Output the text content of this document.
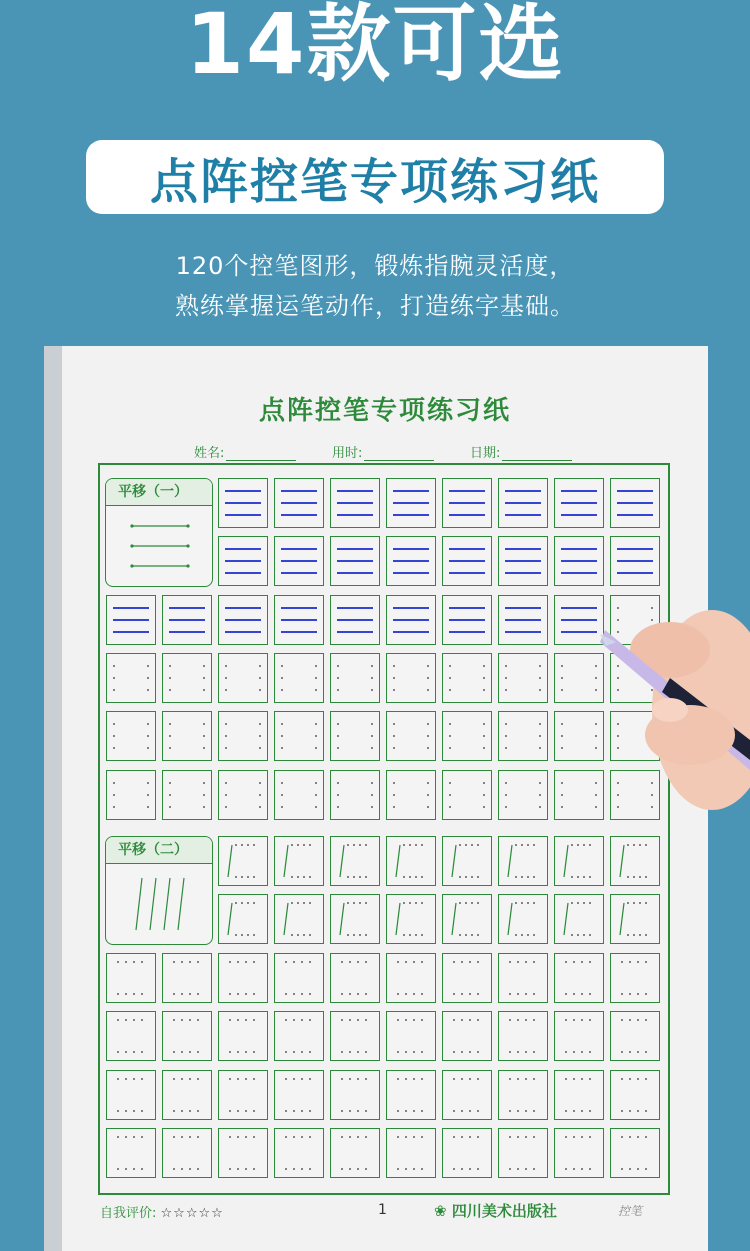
14款可选
点阵控笔专项练习纸
120个控笔图形，锻炼指腕灵活度，
熟练掌握运笔动作，打造练字基础。
点阵控笔专项练习纸
姓名:	用时:	日期:
平移（一）
平移（二）
自我评价: ☆☆☆☆☆	1	❀ 四川美术出版社	控笔
